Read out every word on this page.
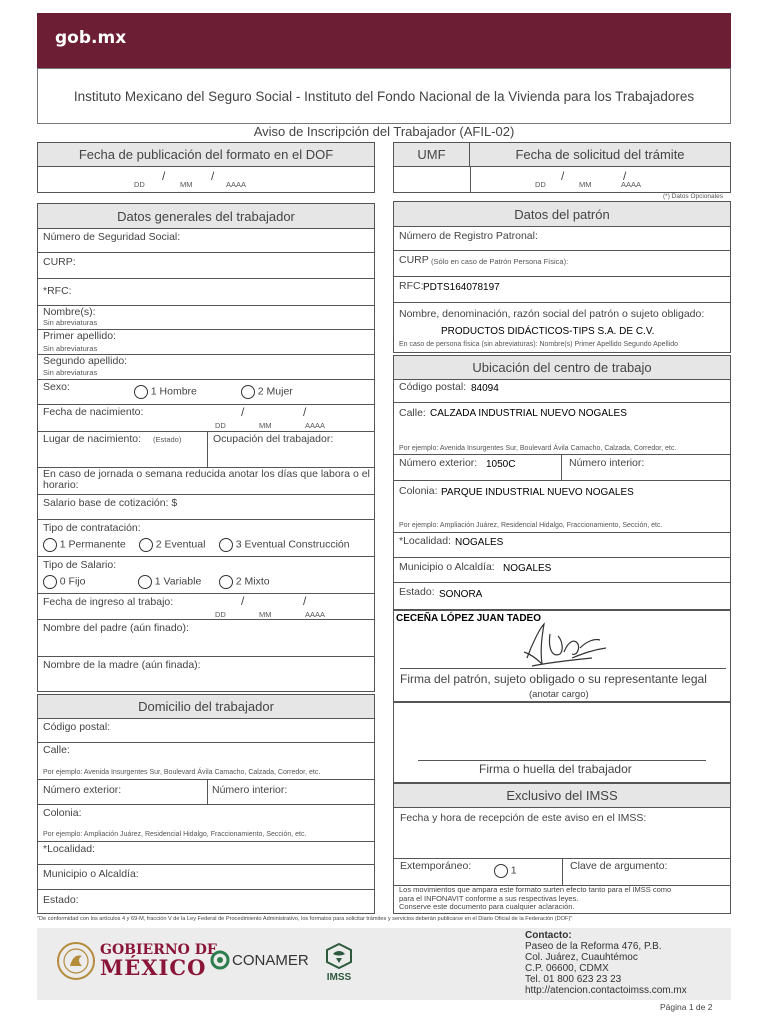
gob.mx
Instituto Mexicano del Seguro Social - Instituto del Fondo Nacional de la Vivienda para los Trabajadores
Aviso de Inscripción del Trabajador (AFIL-02)
Fecha de publicación del formato en el DOF
DD
/
MM
/
AAAA
UMF	Fecha de solicitud del trámite
DD
/
MM
/
AAAA
(*) Datos Opcionales
Datos generales del trabajador
Número de Seguridad Social:
CURP:
*RFC:
Nombre(s):
Sin abreviaturas
Primer apellido:
Sin abreviaturas
Segundo apellido:
Sin abreviaturas
Sexo:	1 Hombre	2 Mujer
Fecha de nacimiento:
DD
/
MM
/
AAAA
Lugar de nacimiento: (Estado)	Ocupación del trabajador:
En caso de jornada o semana reducida anotar los días que labora o el horario:
Salario base de cotización: $
Tipo de contratación:
1 Permanente	2 Eventual	3 Eventual Construcción
Tipo de Salario:
0 Fijo	1 Variable	2 Mixto
Fecha de ingreso al trabajo:
DD
/
MM
/
AAAA
Nombre del padre (aún finado):
Nombre de la madre (aún finada):
Domicilio del trabajador
Código postal:
Calle:
Por ejemplo: Avenida Insurgentes Sur, Boulevard Ávila Camacho, Calzada, Corredor, etc.
Número exterior:	Número interior:
Colonia:
Por ejemplo: Ampliación Juárez, Residencial Hidalgo, Fraccionamiento, Sección, etc.
*Localidad:
Municipio o Alcaldía:
Estado:
Datos del patrón
Número de Registro Patronal:
CURP (Sólo en caso de Patrón Persona Física):
RFC: PDTS164078197
Nombre, denominación, razón social del patrón o sujeto obligado:
PRODUCTOS DIDÁCTICOS-TIPS S.A. DE C.V.
En caso de persona física (sin abreviaturas): Nombre(s) Primer Apellido Segundo Apellido
Ubicación del centro de trabajo
Código postal: 84094
Calle: CALZADA INDUSTRIAL NUEVO NOGALES
Por ejemplo: Avenida Insurgentes Sur, Boulevard Ávila Camacho, Calzada, Corredor, etc.
Número exterior: 1050C	Número interior:
Colonia: PARQUE INDUSTRIAL NUEVO NOGALES
Por ejemplo: Ampliación Juárez, Residencial Hidalgo, Fraccionamiento, Sección, etc.
*Localidad: NOGALES
Municipio o Alcaldía: NOGALES
Estado: SONORA
CECEÑA LÓPEZ JUAN TADEO
Firma del patrón, sujeto obligado o su representante legal
(anotar cargo)
Firma o huella del trabajador
Exclusivo del IMSS
Fecha y hora de recepción de este aviso en el IMSS:
Extemporáneo:	1	Clave de argumento:
Los movimientos que ampara este formato surten efecto tanto para el IMSS como
para el INFONAVIT conforme a sus respectivas leyes.
Conserve este documento para cualquier aclaración.
"De conformidad con los artículos 4 y 69-M, fracción V de la Ley Federal de Procedimiento Administrativo, los formatos para solicitar trámites y servicios deberán publicarse en el Diario Oficial de la Federación (DOF)"
GOBIERNO DE
MÉXICO	CONAMER
IMSS
Contacto:
Paseo de la Reforma 476, P.B.
Col. Juárez, Cuauhtémoc
C.P. 06600, CDMX
Tel. 01 800 623 23 23
http://atencion.contactoimss.com.mx
Página 1 de 2
